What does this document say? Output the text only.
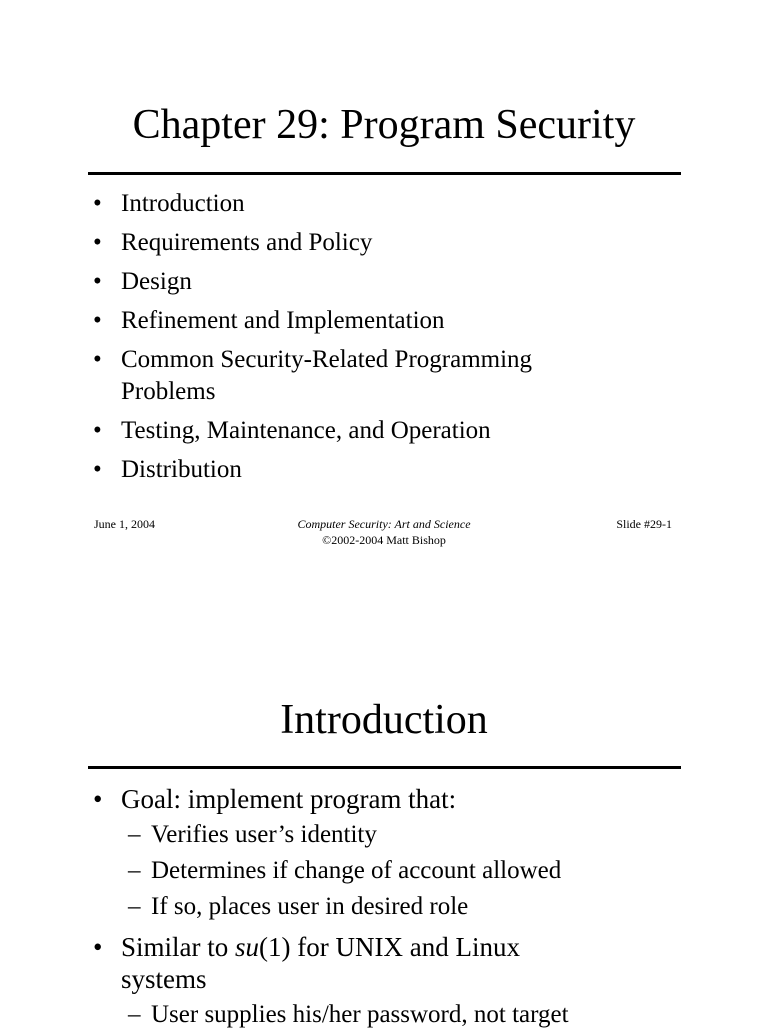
Chapter 29: Program Security
• Introduction
• Requirements and Policy
• Design
• Refinement and Implementation
• Common Security-Related Programming Problems
• Testing, Maintenance, and Operation
• Distribution
June 1, 2004	Computer Security: Art and Science	Slide #29-1
©2002-2004 Matt Bishop
Introduction
• Goal: implement program that:
– Verifies user’s identity
– Determines if change of account allowed
– If so, places user in desired role
• Similar to su(1) for UNIX and Linux systems
– User supplies his/her password, not target
